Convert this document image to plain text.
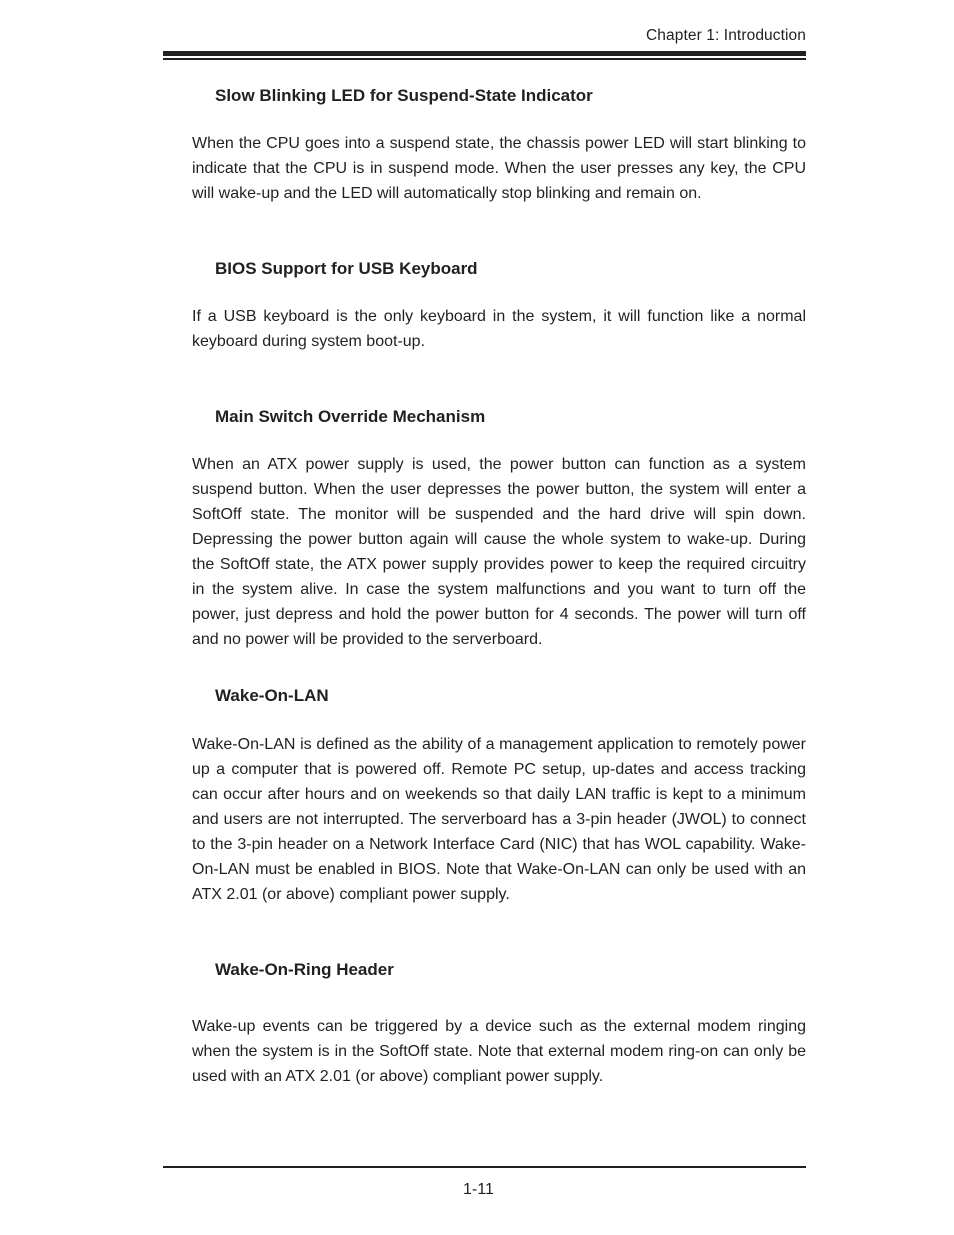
Chapter 1: Introduction
Slow Blinking LED for Suspend-State Indicator

When the CPU goes into a suspend state, the chassis power LED will start blinking to indicate that the CPU is in suspend mode. When the user presses any key, the CPU will wake-up and the LED will automatically stop blinking and remain on.

BIOS Support for USB Keyboard

If a USB keyboard is the only keyboard in the system, it will function like a normal keyboard during system boot-up.

Main Switch Override Mechanism

When an ATX power supply is used, the power button can function as a system suspend button. When the user depresses the power button, the system will enter a SoftOff state. The monitor will be suspended and the hard drive will spin down. Depressing the power button again will cause the whole system to wake-up. During the SoftOff state, the ATX power supply provides power to keep the required circuitry in the system alive. In case the system malfunctions and you want to turn off the power, just depress and hold the power button for 4 seconds. The power will turn off and no power will be provided to the serverboard.

Wake-On-LAN

Wake-On-LAN is defined as the ability of a management application to remotely power up a computer that is powered off. Remote PC setup, up-dates and access tracking can occur after hours and on weekends so that daily LAN traffic is kept to a minimum and users are not interrupted. The serverboard has a 3-pin header (JWOL) to connect to the 3-pin header on a Network Interface Card (NIC) that has WOL capability. Wake-On-LAN must be enabled in BIOS. Note that Wake-On-LAN can only be used with an ATX 2.01 (or above) compliant power supply.

Wake-On-Ring Header

Wake-up events can be triggered by a device such as the external modem ringing when the system is in the SoftOff state. Note that external modem ring-on can only be used with an ATX 2.01 (or above) compliant power supply.

1-11
